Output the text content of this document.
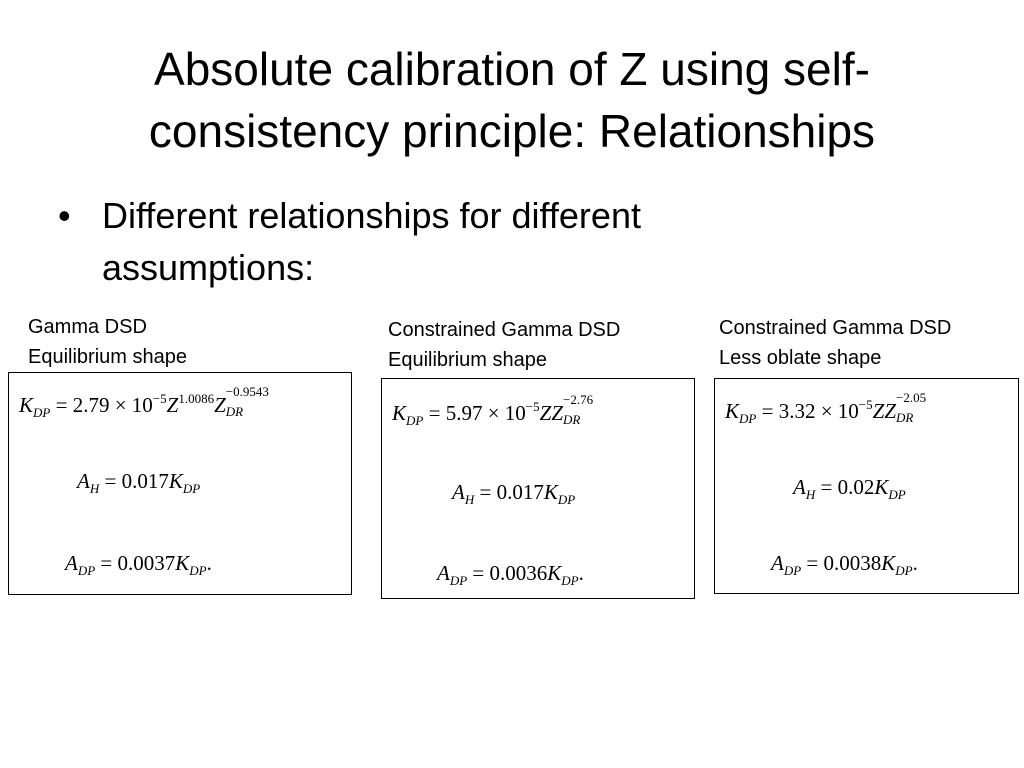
Absolute calibration of Z using self-
consistency principle: Relationships
• Different relationships for different
assumptions:
Gamma DSD
Equilibrium shape
$K_{DP} = 2.79 \times 10^{-5}Z^{1.0086}Z$
−0.9543
DR
$A_H = 0.017K_{DP}$
$A_{DP} = 0.0037K_{DP}$.
Constrained Gamma DSD
Equilibrium shape
$K_{DP} = 5.97 \times 10^{-5}ZZ$
−2.76
DR
$A_H = 0.017K_{DP}$
$A_{DP} = 0.0036K_{DP}$.
Constrained Gamma DSD
Less oblate shape
$K_{DP} = 3.32 \times 10^{-5}ZZ$
−2.05
DR
$A_H = 0.02K_{DP}$
$A_{DP} = 0.0038K_{DP}$.
